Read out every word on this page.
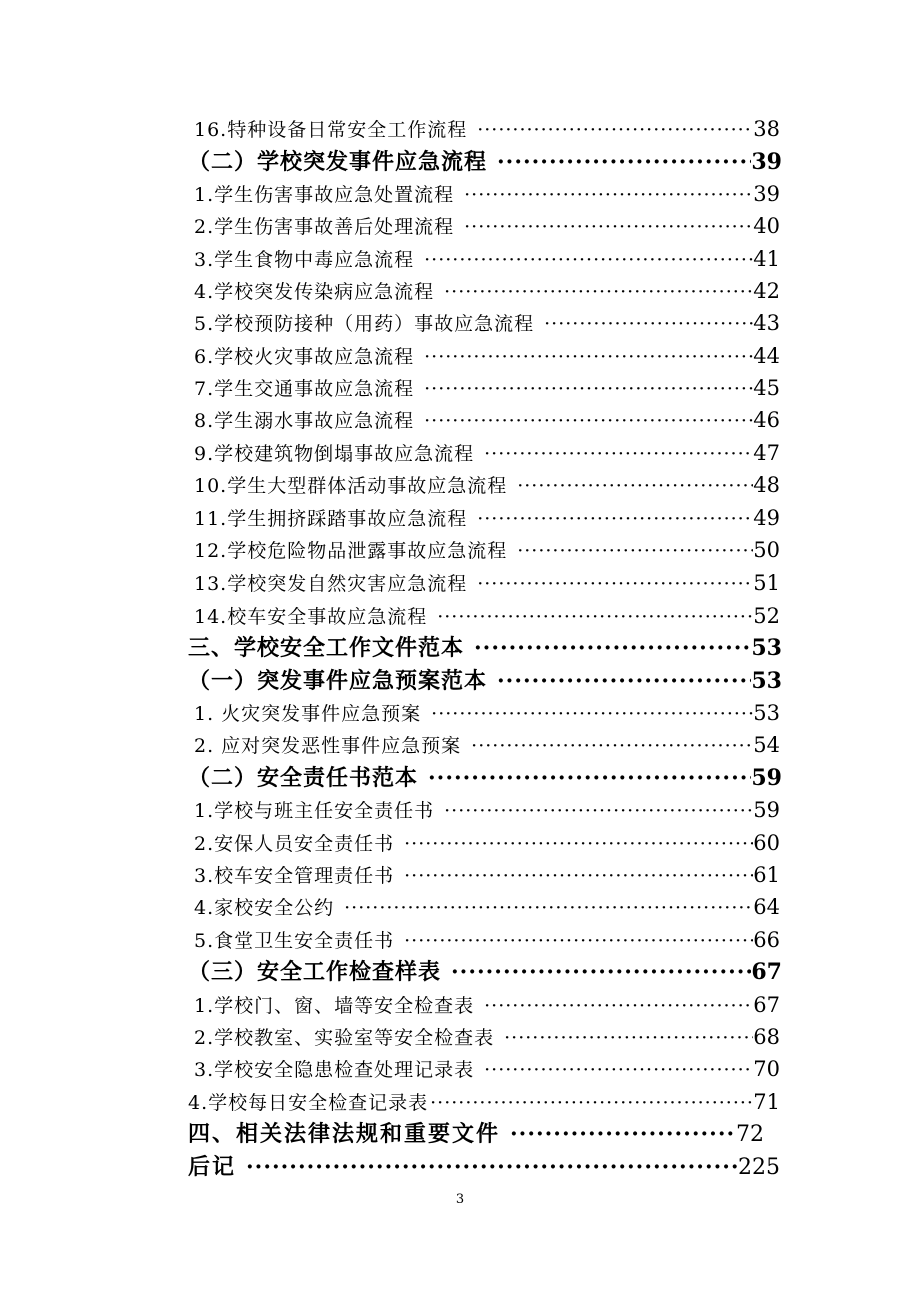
16.特种设备日常安全工作流程 ·····	38
（二）学校突发事件应急流程 ·····	39
1.学生伤害事故应急处置流程 ·····	39
2.学生伤害事故善后处理流程 ·····	40
3.学生食物中毒应急流程 ·····	41
4.学校突发传染病应急流程 ·····	42
5.学校预防接种（用药）事故应急流程 ·····	43
6.学校火灾事故应急流程 ·····	44
7.学生交通事故应急流程 ·····	45
8.学生溺水事故应急流程 ·····	46
9.学校建筑物倒塌事故应急流程 ·····	47
10.学生大型群体活动事故应急流程 ·····	48
11.学生拥挤踩踏事故应急流程 ·····	49
12.学校危险物品泄露事故应急流程 ·····	50
13.学校突发自然灾害应急流程 ·····	51
14.校车安全事故应急流程 ·····	52
三、学校安全工作文件范本 ·····	53
（一）突发事件应急预案范本 ·····	53
1. 火灾突发事件应急预案 ·····	53
2. 应对突发恶性事件应急预案 ·····	54
（二）安全责任书范本 ·····	59
1.学校与班主任安全责任书 ·····	59
2.安保人员安全责任书 ·····	60
3.校车安全管理责任书 ·····	61
4.家校安全公约 ·····	64
5.食堂卫生安全责任书 ·····	66
（三）安全工作检查样表 ·····	67
1.学校门、窗、墙等安全检查表 ·····	67
2.学校教室、实验室等安全检查表 ·····	68
3.学校安全隐患检查处理记录表 ·····	70
4.学校每日安全检查记录表 ·····	71
四、相关法律法规和重要文件 ·····	72
后记 ·····	225
3
